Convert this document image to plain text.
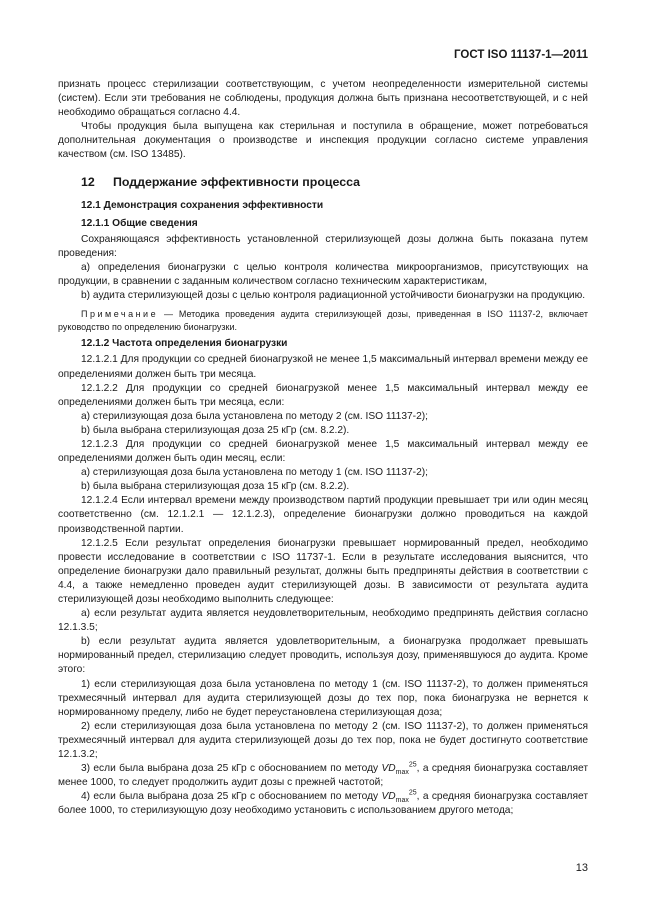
ГОСТ ISO 11137-1—2011

признать процесс стерилизации соответствующим, с учетом неопределенности измерительной системы (систем). Если эти требования не соблюдены, продукция должна быть признана несоответствующей, и с ней необходимо обращаться согласно 4.4.

Чтобы продукция была выпущена как стерильная и поступила в обращение, может потребоваться дополнительная документация о производстве и инспекция продукции согласно системе управления качеством (см. ISO 13485).

12 Поддержание эффективности процесса

12.1 Демонстрация сохранения эффективности

12.1.1 Общие сведения

Сохраняющаяся эффективность установленной стерилизующей дозы должна быть показана путем проведения:

a) определения бионагрузки с целью контроля количества микроорганизмов, присутствующих на продукции, в сравнении с заданным количеством согласно техническим характеристикам,

b) аудита стерилизующей дозы с целью контроля радиационной устойчивости бионагрузки на продукцию.

Примечание — Методика проведения аудита стерилизующей дозы, приведенная в ISO 11137-2, включает руководство по определению бионагрузки.

12.1.2 Частота определения бионагрузки

12.1.2.1 Для продукции со средней бионагрузкой не менее 1,5 максимальный интервал времени между ее определениями должен быть три месяца.

12.1.2.2 Для продукции со средней бионагрузкой менее 1,5 максимальный интервал между ее определениями должен быть три месяца, если:

a) стерилизующая доза была установлена по методу 2 (см. ISO 11137-2);

b) была выбрана стерилизующая доза 25 кГр (см. 8.2.2).

12.1.2.3 Для продукции со средней бионагрузкой менее 1,5 максимальный интервал между ее определениями должен быть один месяц, если:

a) стерилизующая доза была установлена по методу 1 (см. ISO 11137-2);

b) была выбрана стерилизующая доза 15 кГр (см. 8.2.2).

12.1.2.4 Если интервал времени между производством партий продукции превышает три или один месяц соответственно (см. 12.1.2.1 — 12.1.2.3), определение бионагрузки должно проводиться на каждой производственной партии.

12.1.2.5 Если результат определения бионагрузки превышает нормированный предел, необходимо провести исследование в соответствии с ISO 11737-1. Если в результате исследования выяснится, что определение бионагрузки дало правильный результат, должны быть предприняты действия в соответствии с 4.4, а также немедленно проведен аудит стерилизующей дозы. В зависимости от результата аудита стерилизующей дозы необходимо выполнить следующее:

a) если результат аудита является неудовлетворительным, необходимо предпринять действия согласно 12.1.3.5;

b) если результат аудита является удовлетворительным, а бионагрузка продолжает превышать нормированный предел, стерилизацию следует проводить, используя дозу, применявшуюся до аудита. Кроме этого:

1) если стерилизующая доза была установлена по методу 1 (см. ISO 11137-2), то должен применяться трехмесячный интервал для аудита стерилизующей дозы до тех пор, пока бионагрузка не вернется к нормированному пределу, либо не будет переустановлена стерилизующая доза;

2) если стерилизующая доза была установлена по методу 2 (см. ISO 11137-2), то должен применяться трехмесячный интервал для аудита стерилизующей дозы до тех пор, пока не будет достигнуто соответствие 12.1.3.2;

3) если была выбрана доза 25 кГр с обоснованием по методу $VD_{max}^{25}$, а средняя бионагрузка составляет менее 1000, то следует продолжить аудит дозы с прежней частотой;

4) если была выбрана доза 25 кГр с обоснованием по методу $VD_{max}^{25}$, а средняя бионагрузка составляет более 1000, то стерилизующую дозу необходимо установить с использованием другого метода;

13
